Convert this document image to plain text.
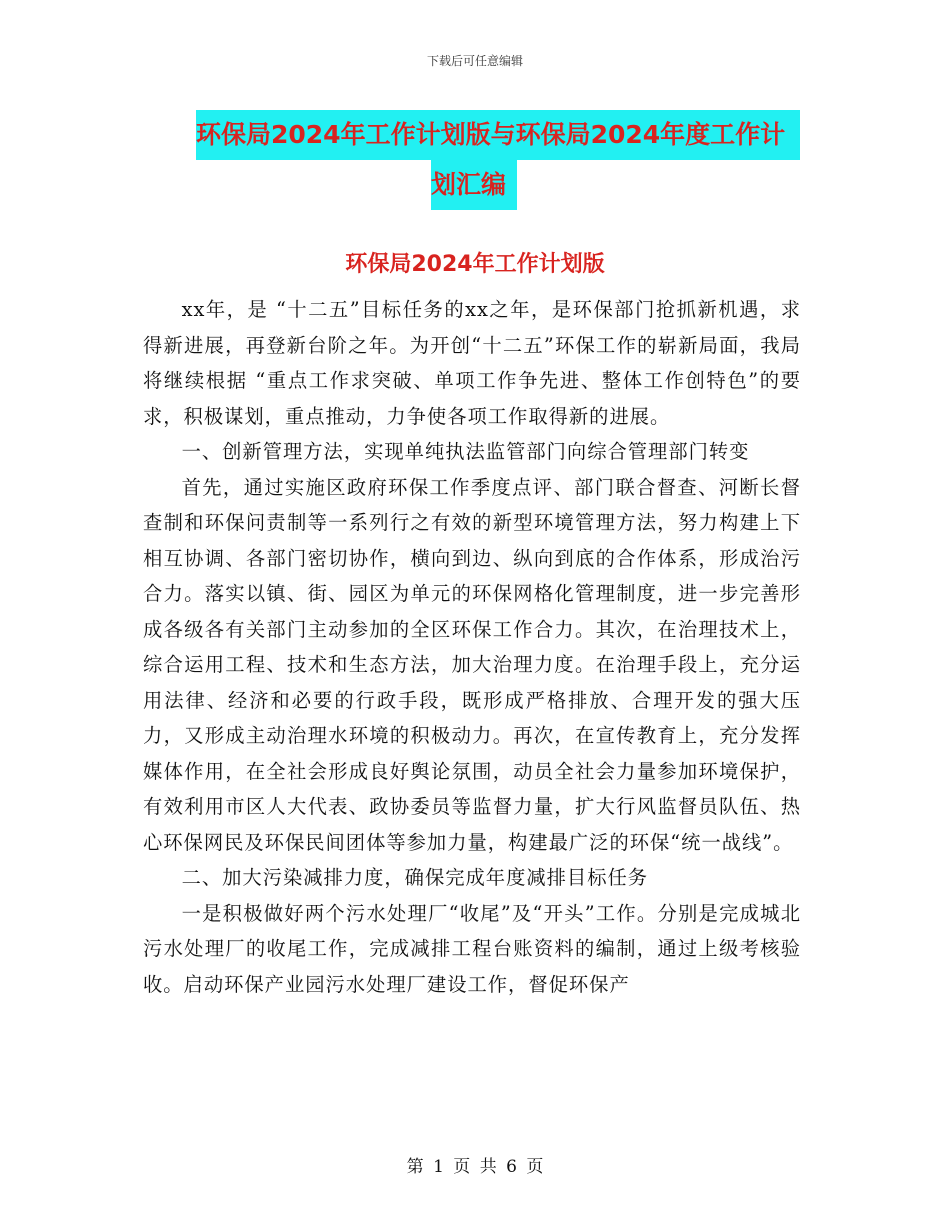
下载后可任意编辑
环保局2024年工作计划版与环保局2024年度工作计
划汇编
环保局2024年工作计划版

xx年，是 “十二五”目标任务的xx之年，是环保部门抢抓新机遇，求得新进展，再登新台阶之年。为开创“十二五”环保工作的崭新局面，我局将继续根据 “重点工作求突破、单项工作争先进、整体工作创特色”的要求，积极谋划，重点推动，力争使各项工作取得新的进展。

一、创新管理方法，实现单纯执法监管部门向综合管理部门转变

首先，通过实施区政府环保工作季度点评、部门联合督查、河断长督查制和环保问责制等一系列行之有效的新型环境管理方法，努力构建上下相互协调、各部门密切协作，横向到边、纵向到底的合作体系，形成治污合力。落实以镇、街、园区为单元的环保网格化管理制度，进一步完善形成各级各有关部门主动参加的全区环保工作合力。其次，在治理技术上，综合运用工程、技术和生态方法，加大治理力度。在治理手段上，充分运用法律、经济和必要的行政手段，既形成严格排放、合理开发的强大压力，又形成主动治理水环境的积极动力。再次，在宣传教育上，充分发挥媒体作用，在全社会形成良好舆论氛围，动员全社会力量参加环境保护，有效利用市区人大代表、政协委员等监督力量，扩大行风监督员队伍、热心环保网民及环保民间团体等参加力量，构建最广泛的环保“统一战线”。

二、加大污染减排力度，确保完成年度减排目标任务

一是积极做好两个污水处理厂“收尾”及“开头”工作。分别是完成城北污水处理厂的收尾工作，完成减排工程台账资料的编制，通过上级考核验收。启动环保产业园污水处理厂建设工作，督促环保产

第 1 页 共 6 页
